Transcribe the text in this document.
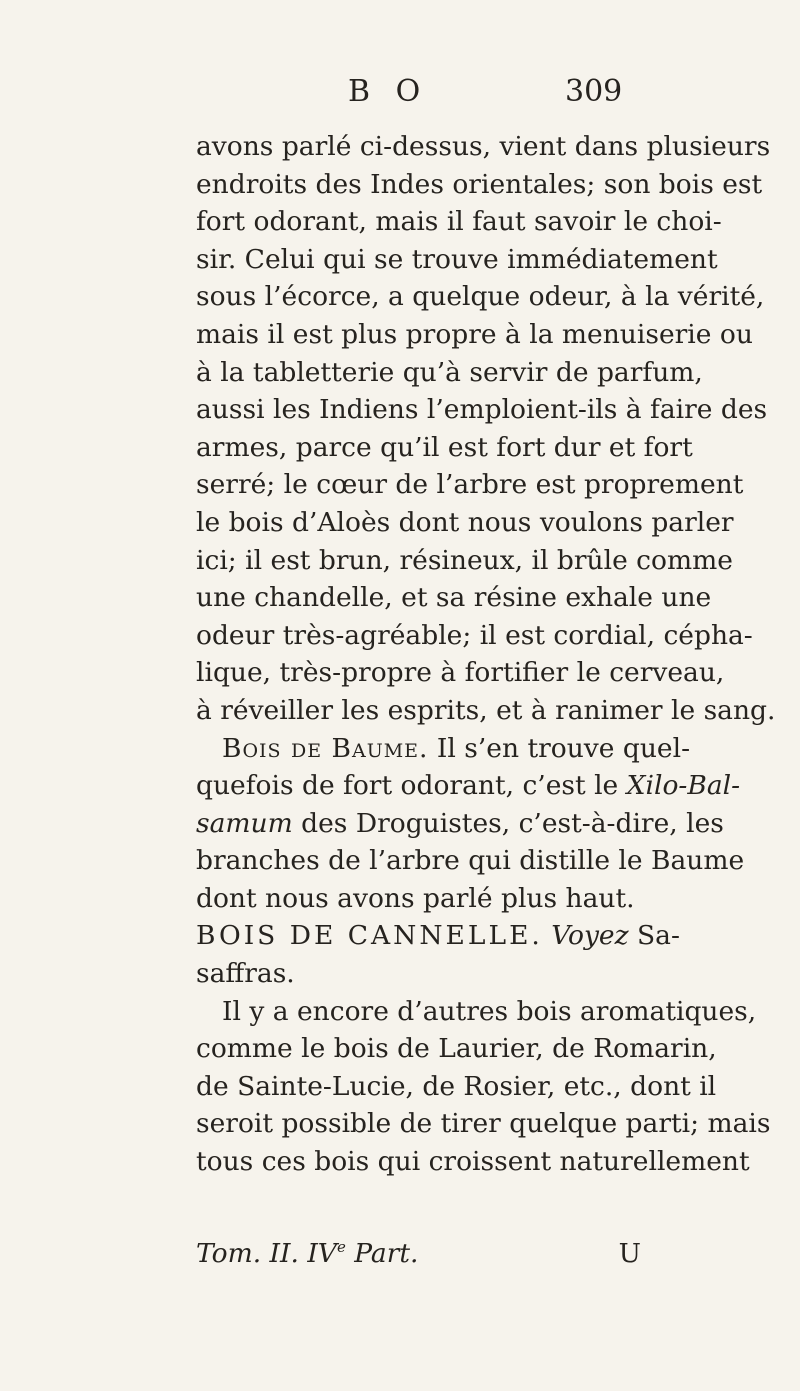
B O	309
avons parlé ci-dessus, vient dans plusieurs
endroits des Indes orientales; son bois est
fort odorant, mais il faut savoir le choi-
sir. Celui qui se trouve immédiatement
sous l’écorce, a quelque odeur, à la vérité,
mais il est plus propre à la menuiserie ou
à la tabletterie qu’à servir de parfum,
aussi les Indiens l’emploient-ils à faire des
armes, parce qu’il est fort dur et fort
serré; le cœur de l’arbre est proprement
le bois d’Aloès dont nous voulons parler
ici; il est brun, résineux, il brûle comme
une chandelle, et sa résine exhale une
odeur très-agréable; il est cordial, cépha-
lique, très-propre à fortifier le cerveau,
à réveiller les esprits, et à ranimer le sang.
Bois de Baume. Il s’en trouve quel-
quefois de fort odorant, c’est le Xilo-Bal-
samum des Droguistes, c’est-à-dire, les
branches de l’arbre qui distille le Baume
dont nous avons parlé plus haut.
BOIS DE CANNELLE. Voyez Sa-
saffras.
Il y a encore d’autres bois aromatiques,
comme le bois de Laurier, de Romarin,
de Sainte-Lucie, de Rosier, etc., dont il
seroit possible de tirer quelque parti; mais
tous ces bois qui croissent naturellement
Tom. II. IVe Part.	U
